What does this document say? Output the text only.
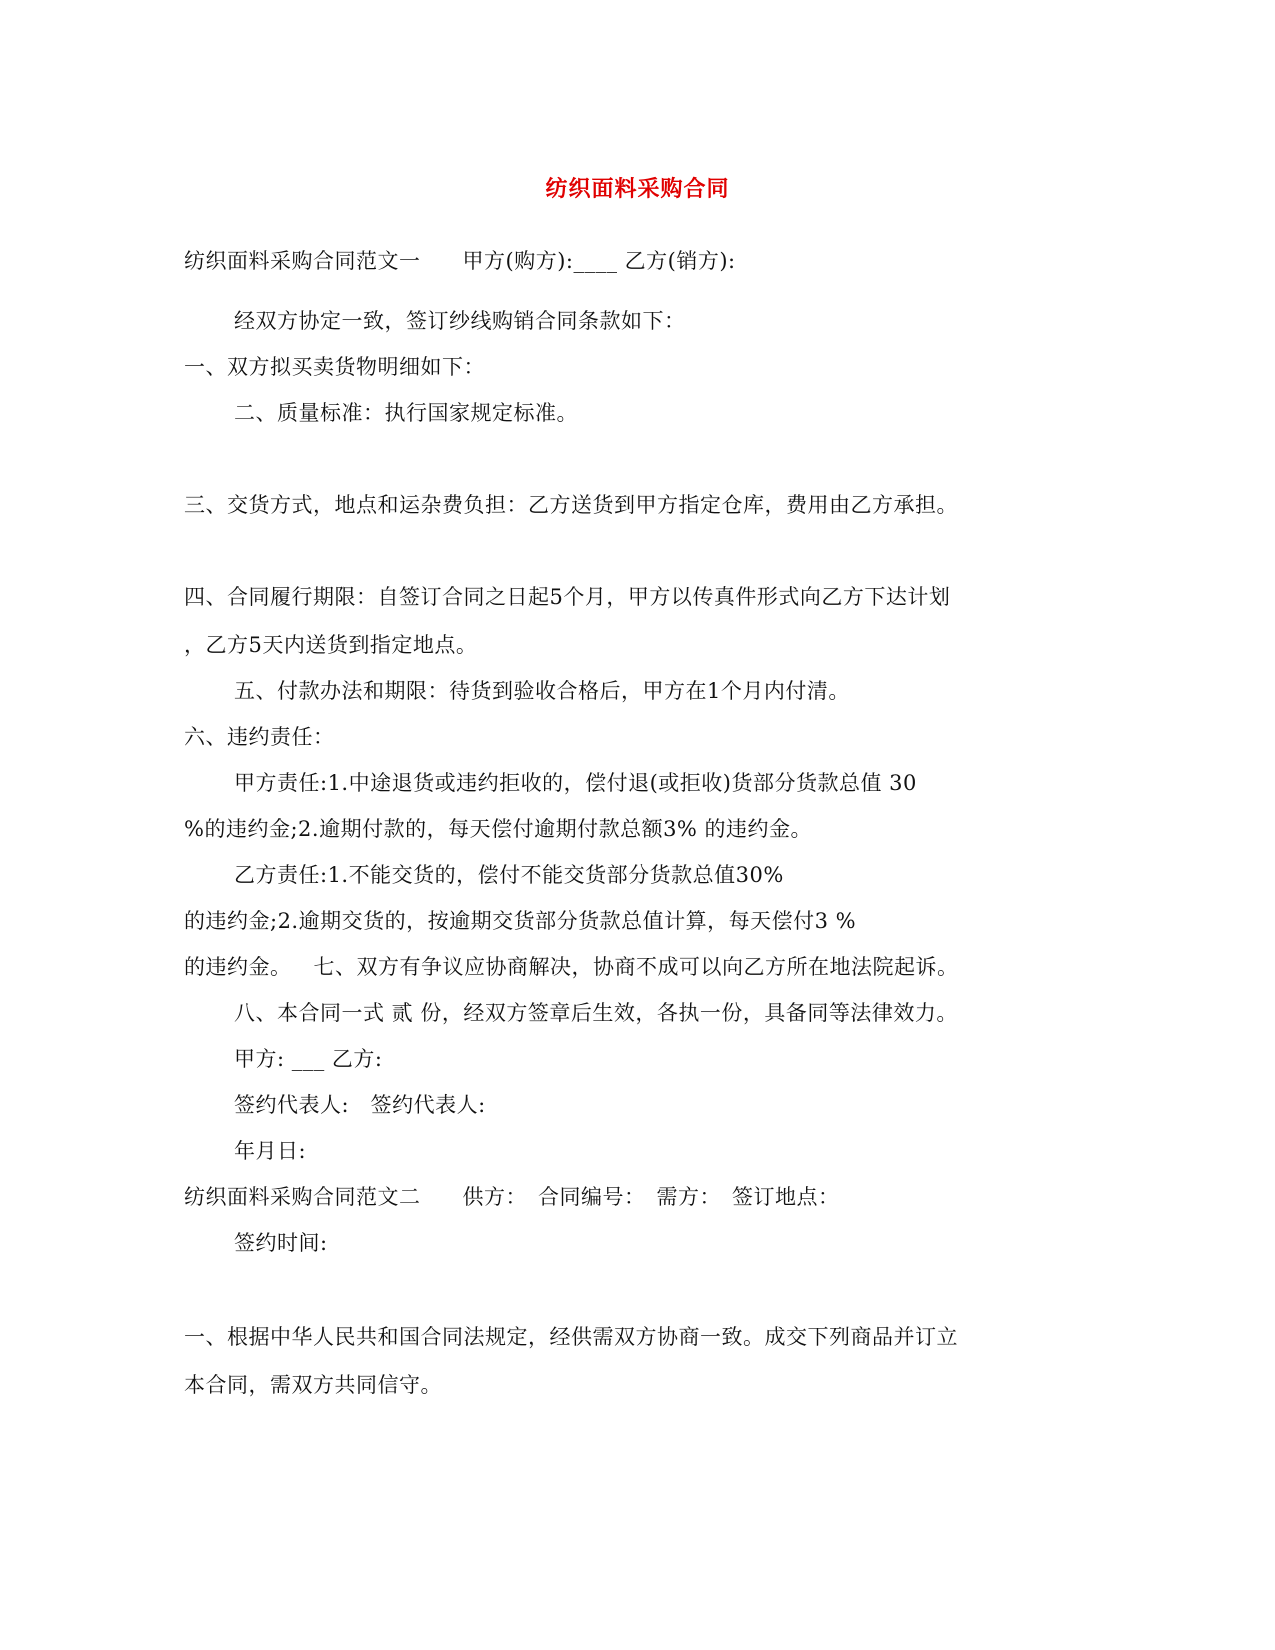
纺织面料采购合同
纺织面料采购合同范文一 甲方(购方):____ 乙方(销方):
经双方协定一致，签订纱线购销合同条款如下：
一、双方拟买卖货物明细如下：
二、质量标准：执行国家规定标准。
三、交货方式，地点和运杂费负担：乙方送货到甲方指定仓库，费用由乙方承担。
四、合同履行期限：自签订合同之日起5个月，甲方以传真件形式向乙方下达计划
，乙方5天内送货到指定地点。
五、付款办法和期限：待货到验收合格后，甲方在1个月内付清。
六、违约责任：
甲方责任:1.中途退货或违约拒收的，偿付退(或拒收)货部分货款总值 30
%的违约金;2.逾期付款的，每天偿付逾期付款总额3% 的违约金。
乙方责任:1.不能交货的，偿付不能交货部分货款总值30%
的违约金;2.逾期交货的，按逾期交货部分货款总值计算，每天偿付3 %
的违约金。 七、双方有争议应协商解决，协商不成可以向乙方所在地法院起诉。
八、本合同一式 贰 份，经双方签章后生效，各执一份，具备同等法律效力。
甲方: ___ 乙方:
签约代表人:　签约代表人:
年月日:
纺织面料采购合同范文二 供方：　合同编号：　需方：　签订地点：
签约时间:
一、根据中华人民共和国合同法规定，经供需双方协商一致。成交下列商品并订立
本合同，需双方共同信守。
